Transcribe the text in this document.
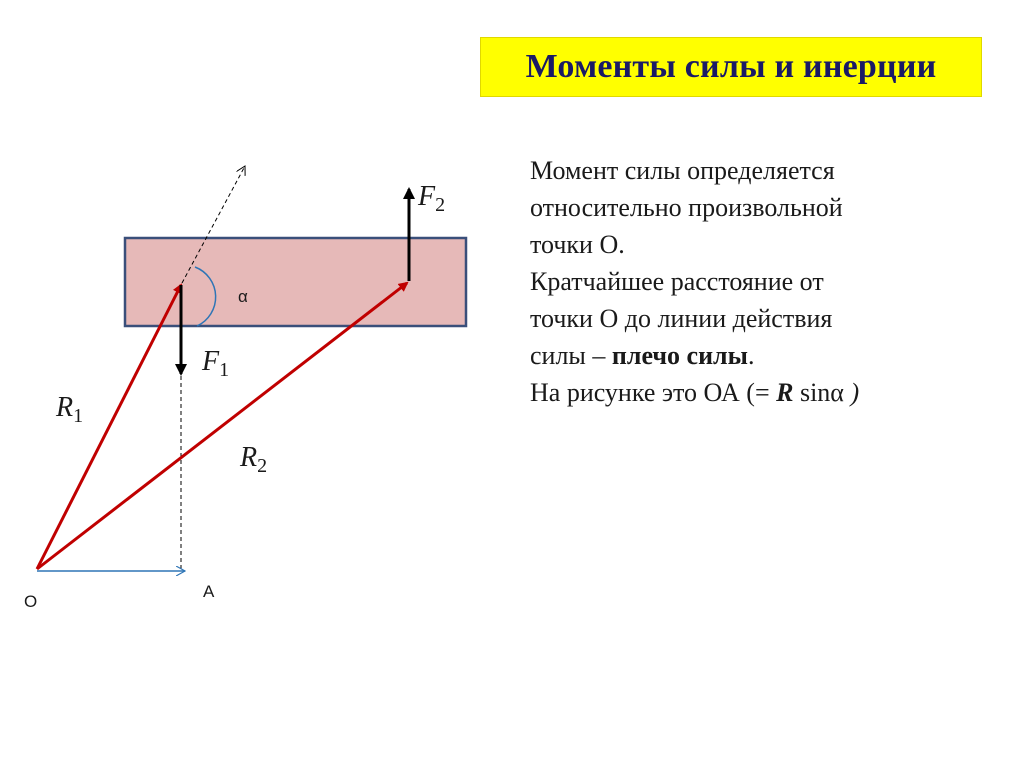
Моменты силы и инерции
$F_2$
$F_1$
$R_1$
$R_2$
α
О
А

Момент силы определяется

относительно произвольной

точки О.

Кратчайшее расстояние от

точки О до линии действия

силы – плечо силы.

На рисунке это ОА (= R sinα )
